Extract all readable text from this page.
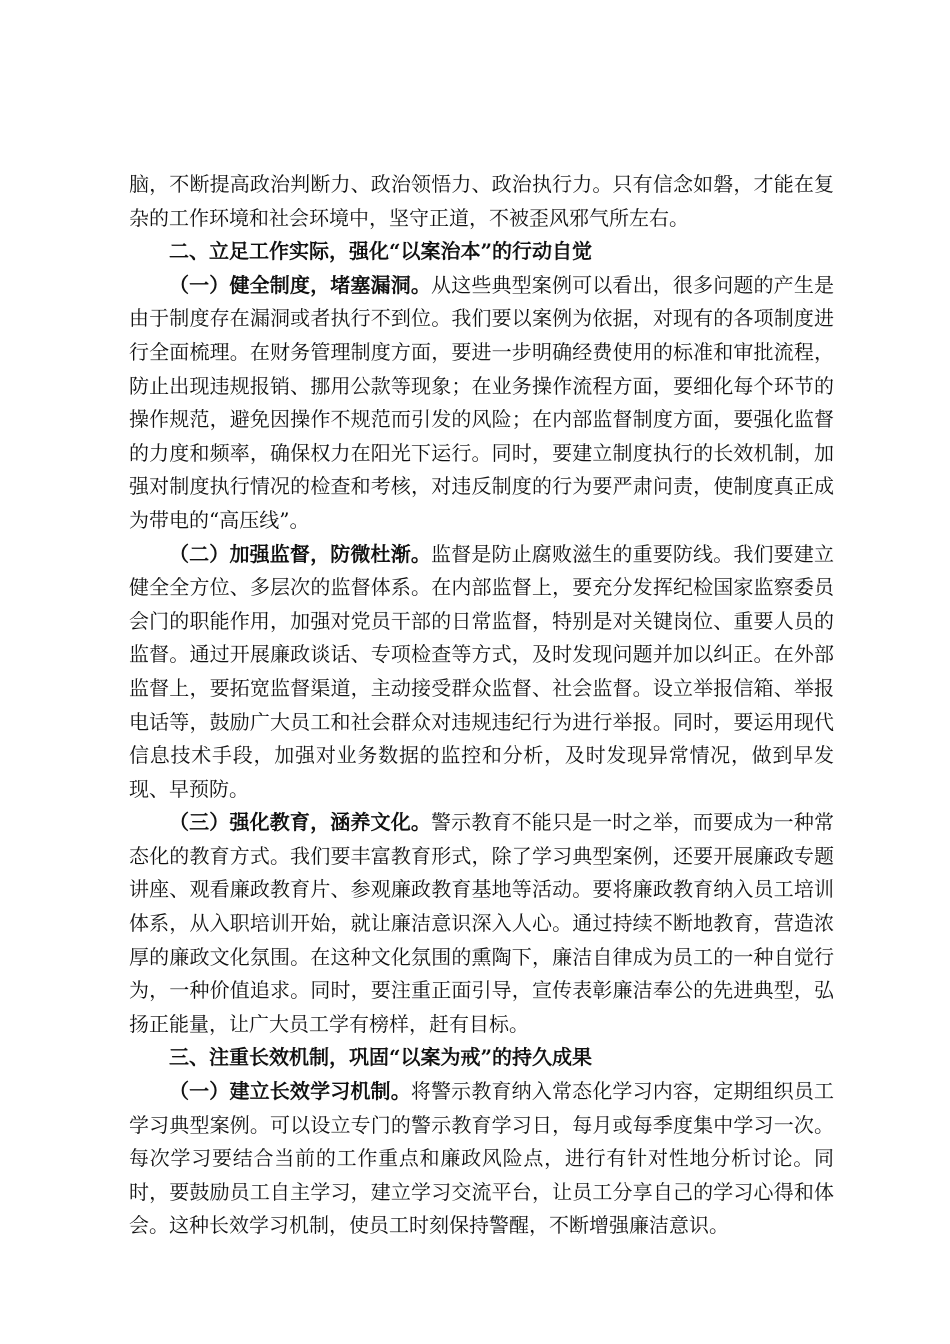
脑，不断提高政治判断力、政治领悟力、政治执行力。只有信念如磐，才能在复杂的工作环境和社会环境中，坚守正道，不被歪风邪气所左右。

二、立足工作实际，强化“以案治本”的行动自觉

（一）健全制度，堵塞漏洞。从这些典型案例可以看出，很多问题的产生是由于制度存在漏洞或者执行不到位。我们要以案例为依据，对现有的各项制度进行全面梳理。在财务管理制度方面，要进一步明确经费使用的标准和审批流程，防止出现违规报销、挪用公款等现象；在业务操作流程方面，要细化每个环节的操作规范，避免因操作不规范而引发的风险；在内部监督制度方面，要强化监督的力度和频率，确保权力在阳光下运行。同时，要建立制度执行的长效机制，加强对制度执行情况的检查和考核，对违反制度的行为要严肃问责，使制度真正成为带电的“高压线”。

（二）加强监督，防微杜渐。监督是防止腐败滋生的重要防线。我们要建立健全全方位、多层次的监督体系。在内部监督上，要充分发挥纪检国家监察委员会门的职能作用，加强对党员干部的日常监督，特别是对关键岗位、重要人员的监督。通过开展廉政谈话、专项检查等方式，及时发现问题并加以纠正。在外部监督上，要拓宽监督渠道，主动接受群众监督、社会监督。设立举报信箱、举报电话等，鼓励广大员工和社会群众对违规违纪行为进行举报。同时，要运用现代信息技术手段，加强对业务数据的监控和分析，及时发现异常情况，做到早发现、早预防。

（三）强化教育，涵养文化。警示教育不能只是一时之举，而要成为一种常态化的教育方式。我们要丰富教育形式，除了学习典型案例，还要开展廉政专题讲座、观看廉政教育片、参观廉政教育基地等活动。要将廉政教育纳入员工培训体系，从入职培训开始，就让廉洁意识深入人心。通过持续不断地教育，营造浓厚的廉政文化氛围。在这种文化氛围的熏陶下，廉洁自律成为员工的一种自觉行为，一种价值追求。同时，要注重正面引导，宣传表彰廉洁奉公的先进典型，弘扬正能量，让广大员工学有榜样，赶有目标。

三、注重长效机制，巩固“以案为戒”的持久成果

（一）建立长效学习机制。将警示教育纳入常态化学习内容，定期组织员工学习典型案例。可以设立专门的警示教育学习日，每月或每季度集中学习一次。每次学习要结合当前的工作重点和廉政风险点，进行有针对性地分析讨论。同时，要鼓励员工自主学习，建立学习交流平台，让员工分享自己的学习心得和体会。这种长效学习机制，使员工时刻保持警醒，不断增强廉洁意识。
